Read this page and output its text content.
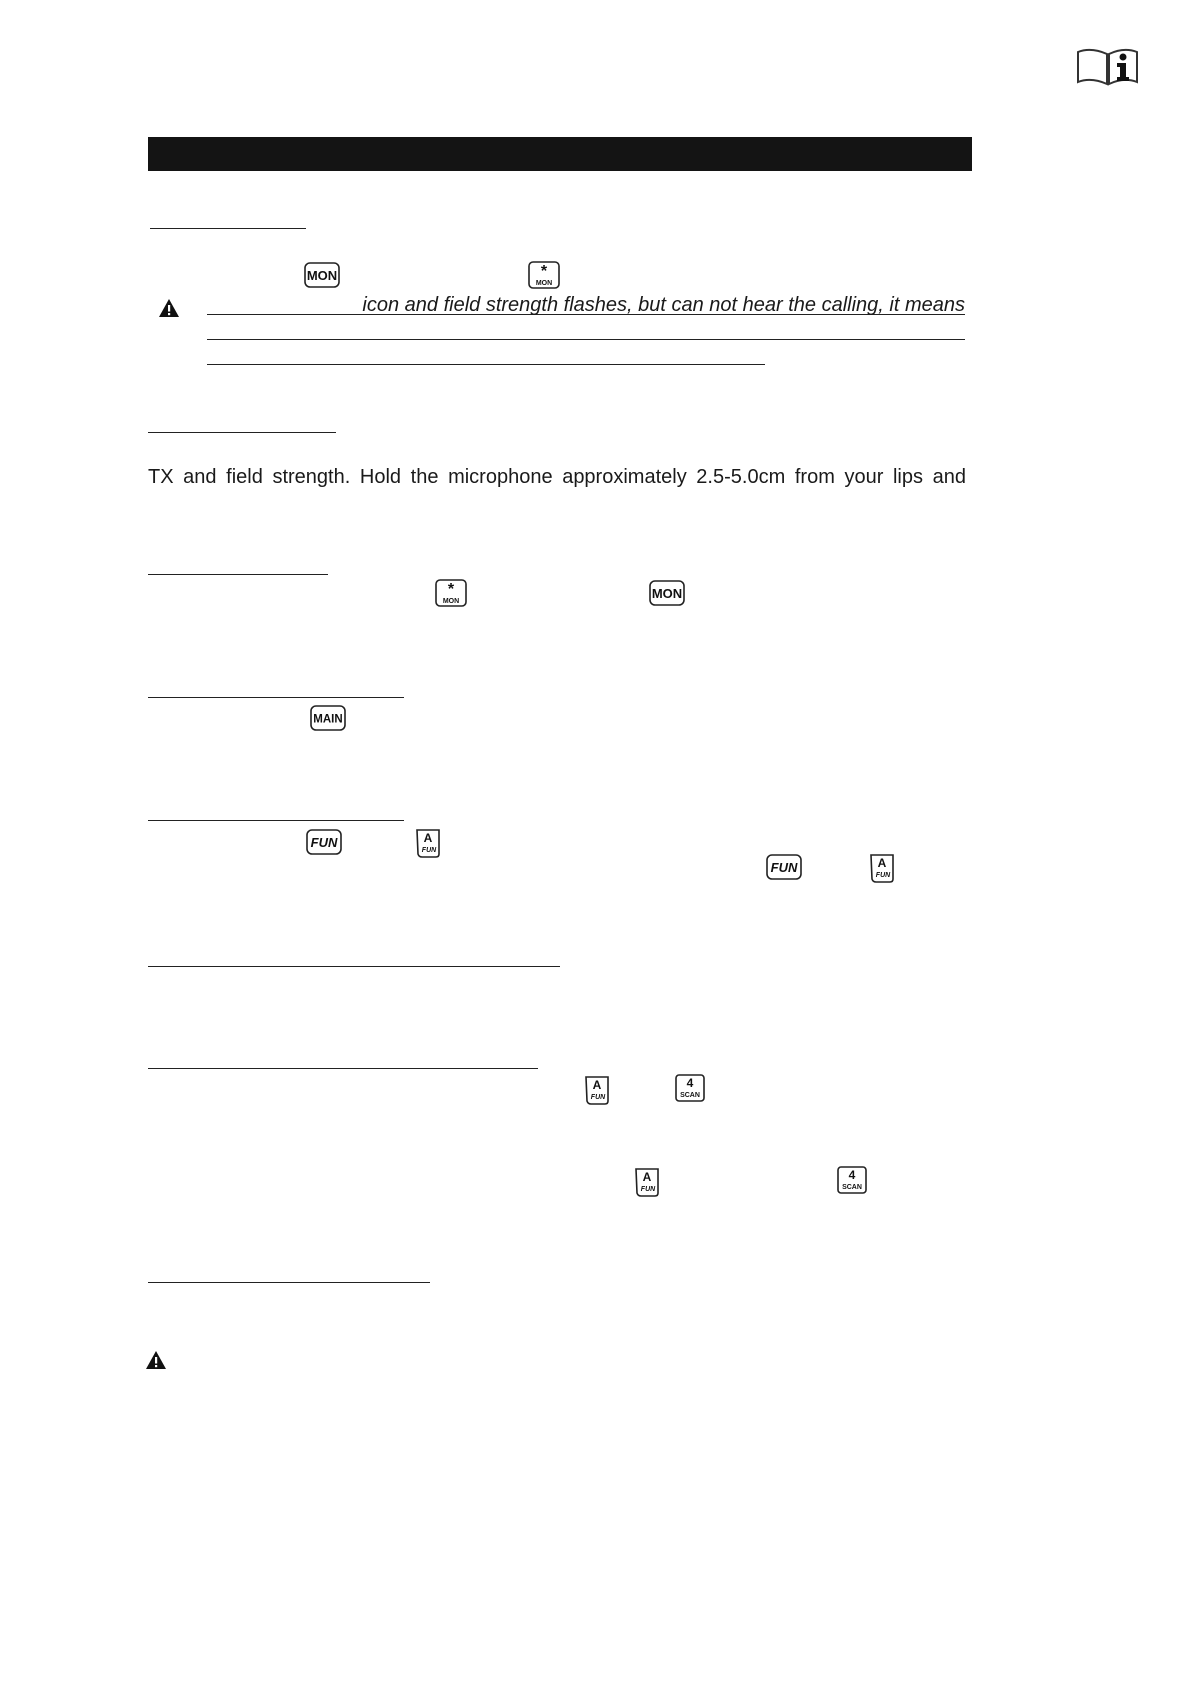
icon and field strength flashes, but can not hear the calling, it means
TX and field strength. Hold the microphone approximately 2.5-5.0cm from your lips and
MON
MON
*
MON
*
MON
MAIN
FUN
FUN
A
FUN
A
FUN
A
FUN
A
FUN
4
SCAN
4
SCAN
